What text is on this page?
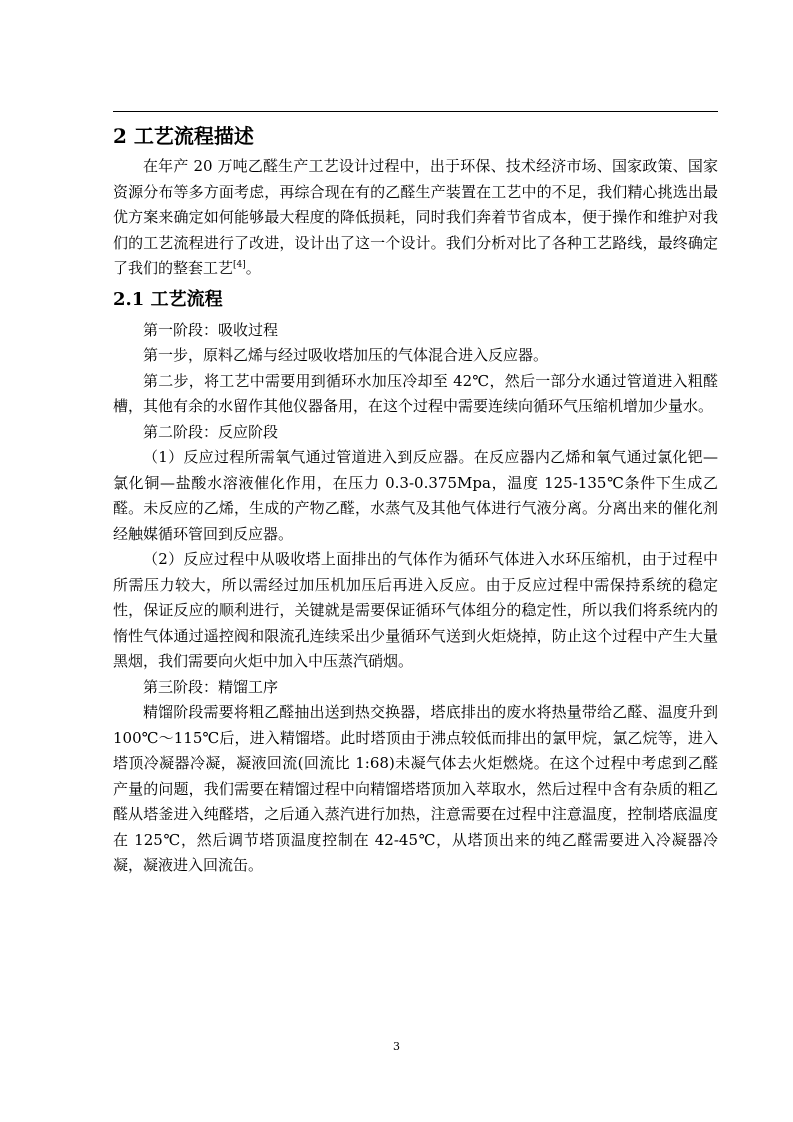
2 工艺流程描述

在年产 20 万吨乙醛生产工艺设计过程中，出于环保、技术经济市场、国家政策、国家资源分布等多方面考虑，再综合现在有的乙醛生产装置在工艺中的不足，我们精心挑选出最优方案来确定如何能够最大程度的降低损耗，同时我们奔着节省成本，便于操作和维护对我们的工艺流程进行了改进，设计出了这一个设计。我们分析对比了各种工艺路线，最终确定了我们的整套工艺[4]。

2.1 工艺流程

第一阶段：吸收过程

第一步，原料乙烯与经过吸收塔加压的气体混合进入反应器。

第二步，将工艺中需要用到循环水加压冷却至 42℃，然后一部分水通过管道进入粗醛槽，其他有余的水留作其他仪器备用，在这个过程中需要连续向循环气压缩机增加少量水。

第二阶段：反应阶段

（1）反应过程所需氧气通过管道进入到反应器。在反应器内乙烯和氧气通过氯化钯—氯化铜—盐酸水溶液催化作用，在压力 0.3-0.375Mpa，温度 125-135℃条件下生成乙醛。未反应的乙烯，生成的产物乙醛，水蒸气及其他气体进行气液分离。分离出来的催化剂经触媒循环管回到反应器。

（2）反应过程中从吸收塔上面排出的气体作为循环气体进入水环压缩机，由于过程中所需压力较大，所以需经过加压机加压后再进入反应。由于反应过程中需保持系统的稳定性，保证反应的顺利进行，关键就是需要保证循环气体组分的稳定性，所以我们将系统内的惰性气体通过遥控阀和限流孔连续采出少量循环气送到火炬烧掉，防止这个过程中产生大量黑烟，我们需要向火炬中加入中压蒸汽硝烟。

第三阶段：精馏工序

精馏阶段需要将粗乙醛抽出送到热交换器，塔底排出的废水将热量带给乙醛、温度升到 100℃～115℃后，进入精馏塔。此时塔顶由于沸点较低而排出的氯甲烷，氯乙烷等，进入塔顶冷凝器冷凝，凝液回流(回流比 1:68)未凝气体去火炬燃烧。在这个过程中考虑到乙醛产量的问题，我们需要在精馏过程中向精馏塔塔顶加入萃取水，然后过程中含有杂质的粗乙醛从塔釜进入纯醛塔，之后通入蒸汽进行加热，注意需要在过程中注意温度，控制塔底温度在 125℃，然后调节塔顶温度控制在 42-45℃，从塔顶出来的纯乙醛需要进入冷凝器冷凝，凝液进入回流缶。

3
